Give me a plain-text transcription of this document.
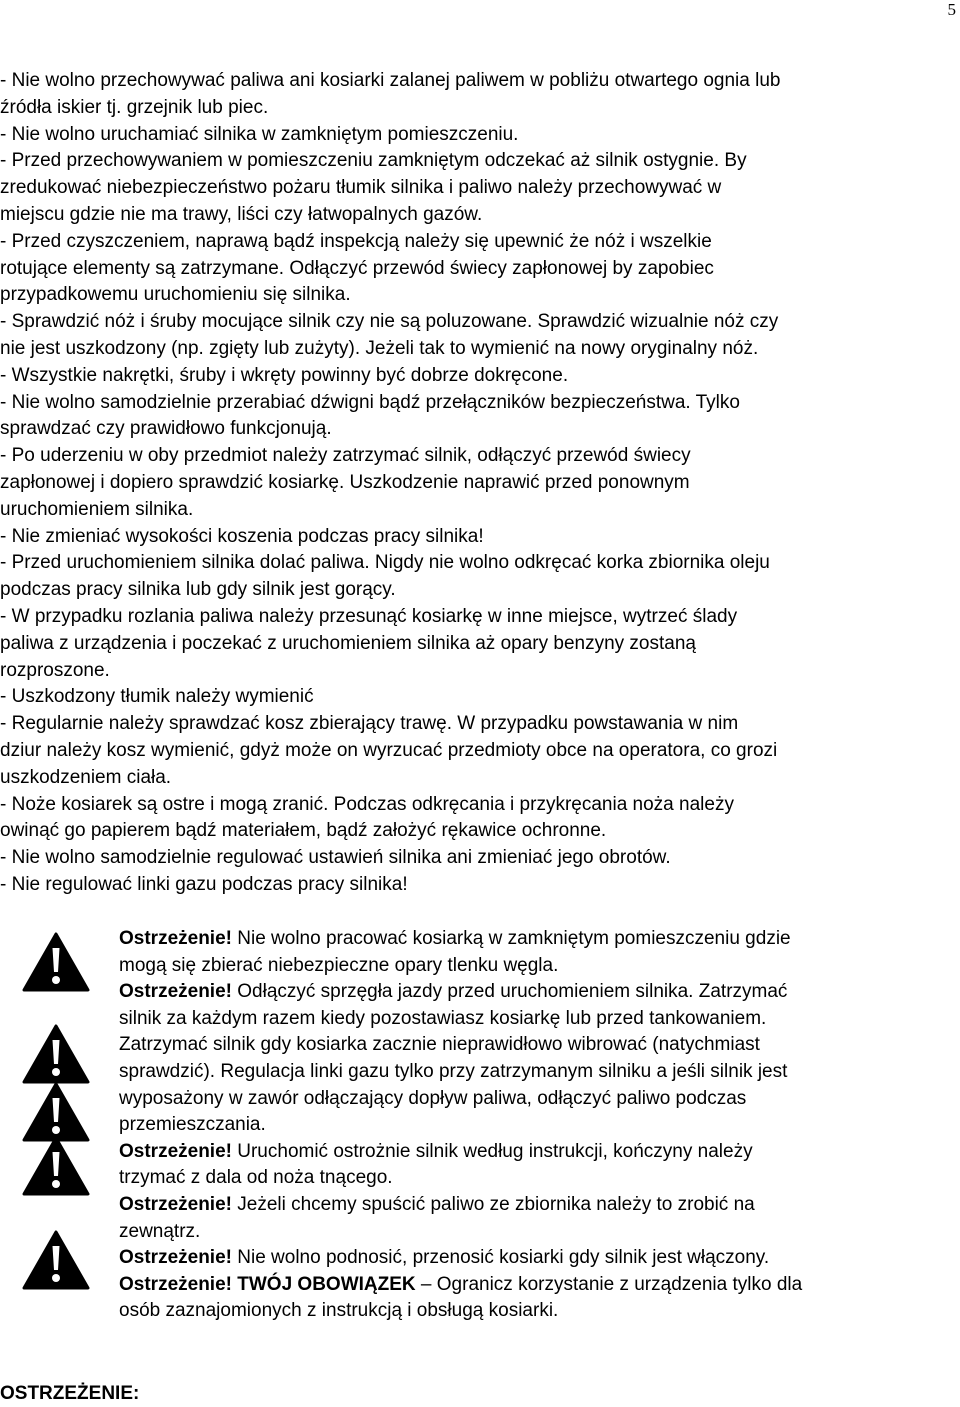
5

- Nie wolno przechowywać paliwa ani kosiarki zalanej paliwem w pobliżu otwartego ognia lub

źródła iskier tj. grzejnik lub piec.

- Nie wolno uruchamiać silnika w zamkniętym pomieszczeniu.

- Przed przechowywaniem w pomieszczeniu zamkniętym odczekać aż silnik ostygnie. By

zredukować niebezpieczeństwo pożaru tłumik silnika i paliwo należy przechowywać w

miejscu gdzie nie ma trawy, liści czy łatwopalnych gazów.

- Przed czyszczeniem, naprawą bądź inspekcją należy się upewnić że nóż i wszelkie

rotujące elementy są zatrzymane. Odłączyć przewód świecy zapłonowej by zapobiec

przypadkowemu uruchomieniu się silnika.

- Sprawdzić nóż i śruby mocujące silnik czy nie są poluzowane. Sprawdzić wizualnie nóż czy

nie jest uszkodzony (np. zgięty lub zużyty). Jeżeli tak to wymienić na nowy oryginalny nóż.

- Wszystkie nakrętki, śruby i wkręty powinny być dobrze dokręcone.

- Nie wolno samodzielnie przerabiać dźwigni bądź przełączników bezpieczeństwa. Tylko

sprawdzać czy prawidłowo funkcjonują.

- Po uderzeniu w oby przedmiot należy zatrzymać silnik, odłączyć przewód świecy

zapłonowej i dopiero sprawdzić kosiarkę. Uszkodzenie naprawić przed ponownym

uruchomieniem silnika.

- Nie zmieniać wysokości koszenia podczas pracy silnika!

- Przed uruchomieniem silnika dolać paliwa. Nigdy nie wolno odkręcać korka zbiornika oleju

podczas pracy silnika lub gdy silnik jest gorący.

- W przypadku rozlania paliwa należy przesunąć kosiarkę w inne miejsce, wytrzeć ślady

paliwa z urządzenia i poczekać z uruchomieniem silnika aż opary benzyny zostaną

rozproszone.

- Uszkodzony tłumik należy wymienić

- Regularnie należy sprawdzać kosz zbierający trawę. W przypadku powstawania w nim

dziur należy kosz wymienić, gdyż może on wyrzucać przedmioty obce na operatora, co grozi

uszkodzeniem ciała.

- Noże kosiarek są ostre i mogą zranić. Podczas odkręcania i przykręcania noża należy

owinąć go papierem bądź materiałem, bądź założyć rękawice ochronne.

- Nie wolno samodzielnie regulować ustawień silnika ani zmieniać jego obrotów.

- Nie regulować linki gazu podczas pracy silnika!

Ostrzeżenie! Nie wolno pracować kosiarką w zamkniętym pomieszczeniu gdzie

mogą się zbierać niebezpieczne opary tlenku węgla.

Ostrzeżenie! Odłączyć sprzęgła jazdy przed uruchomieniem silnika. Zatrzymać

silnik za każdym razem kiedy pozostawiasz kosiarkę lub przed tankowaniem.

Zatrzymać silnik gdy kosiarka zacznie nieprawidłowo wibrować (natychmiast

sprawdzić). Regulacja linki gazu tylko przy zatrzymanym silniku a jeśli silnik jest

wyposażony w zawór odłączający dopływ paliwa, odłączyć paliwo podczas

przemieszczania.

Ostrzeżenie! Uruchomić ostrożnie silnik według instrukcji, kończyny należy

trzymać z dala od noża tnącego.

Ostrzeżenie! Jeżeli chcemy spuścić paliwo ze zbiornika należy to zrobić na

zewnątrz.

Ostrzeżenie! Nie wolno podnosić, przenosić kosiarki gdy silnik jest włączony.

Ostrzeżenie! TWÓJ OBOWIĄZEK – Ogranicz korzystanie z urządzenia tylko dla

osób zaznajomionych z instrukcją i obsługą kosiarki.

OSTRZEŻENIE:
